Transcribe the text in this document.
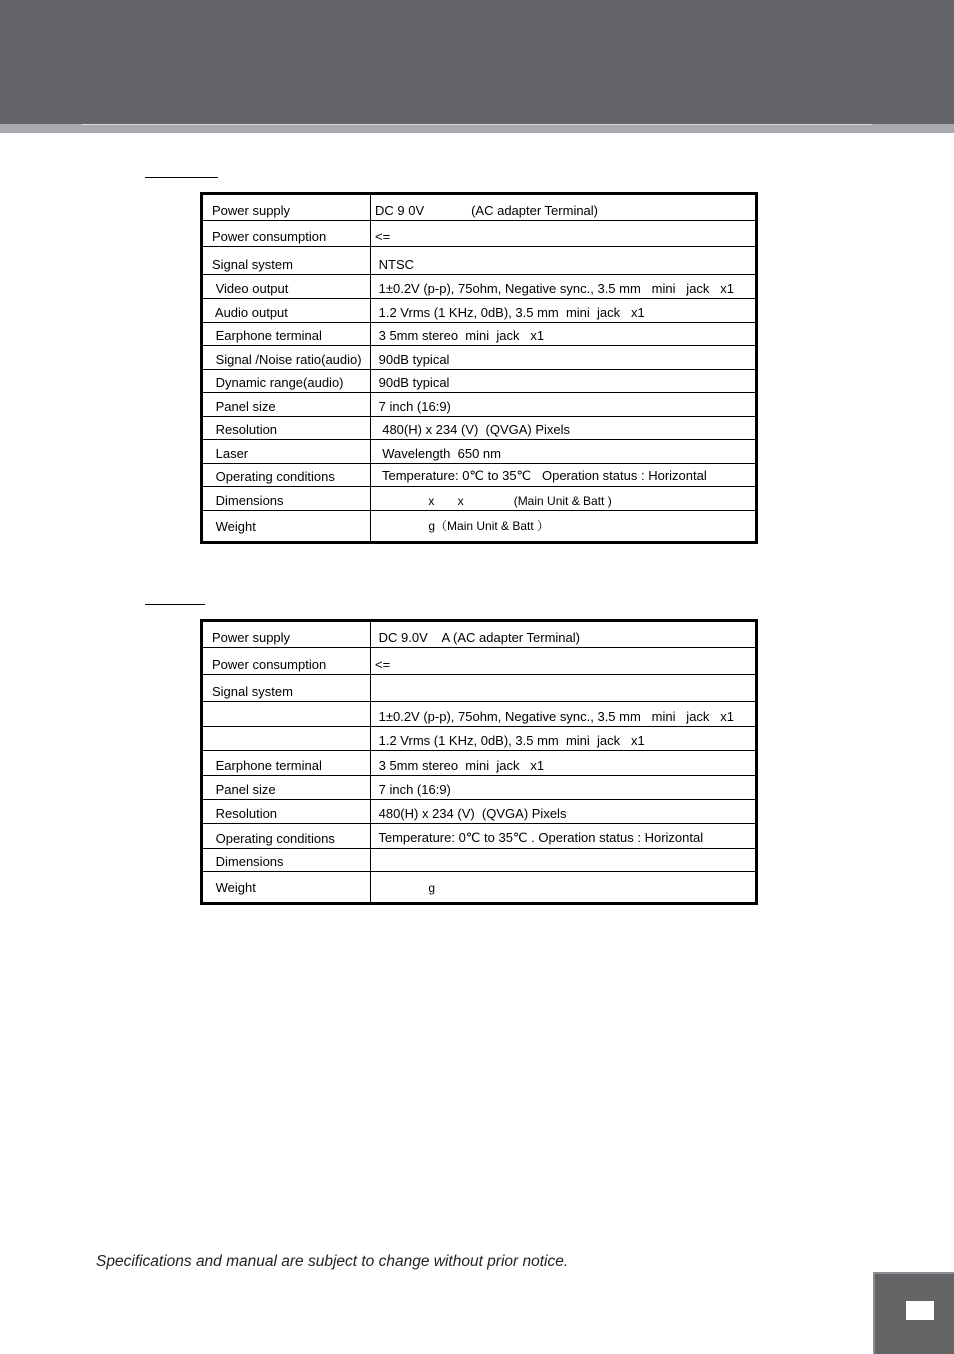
Power supply	DC 9 0V             (AC adapter Terminal)
Power consumption	<=
Signal system	NTSC
Video output	1±0.2V (p-p), 75ohm, Negative sync., 3.5 mm   mini   jack   x1
Audio output	1.2 Vrms (1 KHz, 0dB), 3.5 mm  mini  jack   x1
Earphone terminal	3 5mm stereo  mini  jack   x1
Signal /Noise ratio(audio)	90dB typical
Dynamic range(audio)	90dB typical
Panel size	7 inch (16:9)
Resolution	480(H) x 234 (V)  (QVGA) Pixels
Laser	Wavelength  650 nm
Operating conditions	Temperature: 0℃ to 35℃   Operation status : Horizontal
Dimensions	x       x               (Main Unit & Batt )
Weight	g（Main Unit & Batt ）
Power supply	DC 9.0V    A (AC adapter Terminal)
Power consumption	<=
Signal system	
	1±0.2V (p-p), 75ohm, Negative sync., 3.5 mm   mini   jack   x1
	1.2 Vrms (1 KHz, 0dB), 3.5 mm  mini  jack   x1
Earphone terminal	3 5mm stereo  mini  jack   x1
Panel size	7 inch (16:9)
Resolution	480(H) x 234 (V)  (QVGA) Pixels
Operating conditions	Temperature: 0℃ to 35℃ . Operation status : Horizontal
Dimensions	
Weight	g
Specifications and manual are subject to change without prior notice.
